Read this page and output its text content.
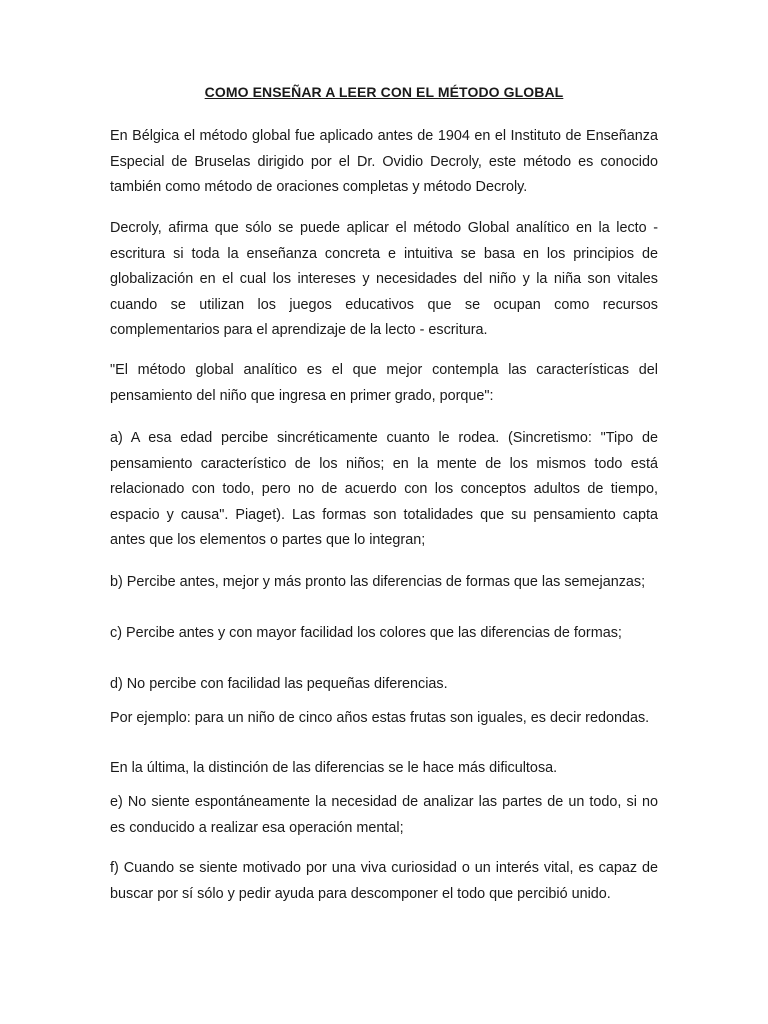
COMO ENSEÑAR A LEER CON EL MÉTODO GLOBAL

En Bélgica el método global fue aplicado antes de 1904 en el Instituto de Enseñanza Especial de Bruselas dirigido por el Dr. Ovidio Decroly, este método es conocido también como método de oraciones completas y método Decroly.

Decroly, afirma que sólo se puede aplicar el método Global analítico en la lecto - escritura si toda la enseñanza concreta e intuitiva se basa en los principios de globalización en el cual los intereses y necesidades del niño y la niña son vitales cuando se utilizan los juegos educativos que se ocupan como recursos complementarios para el aprendizaje de la lecto - escritura.

"El método global analítico es el que mejor contempla las características del pensamiento del niño que ingresa en primer grado, porque":

a) A esa edad percibe sincréticamente cuanto le rodea. (Sincretismo: "Tipo de pensamiento característico de los niños; en la mente de los mismos todo está relacionado con todo, pero no de acuerdo con los conceptos adultos de tiempo, espacio y causa". Piaget). Las formas son totalidades que su pensamiento capta antes que los elementos o partes que lo integran;

b) Percibe antes, mejor y más pronto las diferencias de formas que las semejanzas;

c) Percibe antes y con mayor facilidad los colores que las diferencias de formas;

d) No percibe con facilidad las pequeñas diferencias.

Por ejemplo: para un niño de cinco años estas frutas son iguales, es decir redondas.

En la última, la distinción de las diferencias se le hace más dificultosa.

e) No siente espontáneamente la necesidad de analizar las partes de un todo, si no es conducido a realizar esa operación mental;

f) Cuando se siente motivado por una viva curiosidad o un interés vital, es capaz de buscar por sí sólo y pedir ayuda para descomponer el todo que percibió unido.
